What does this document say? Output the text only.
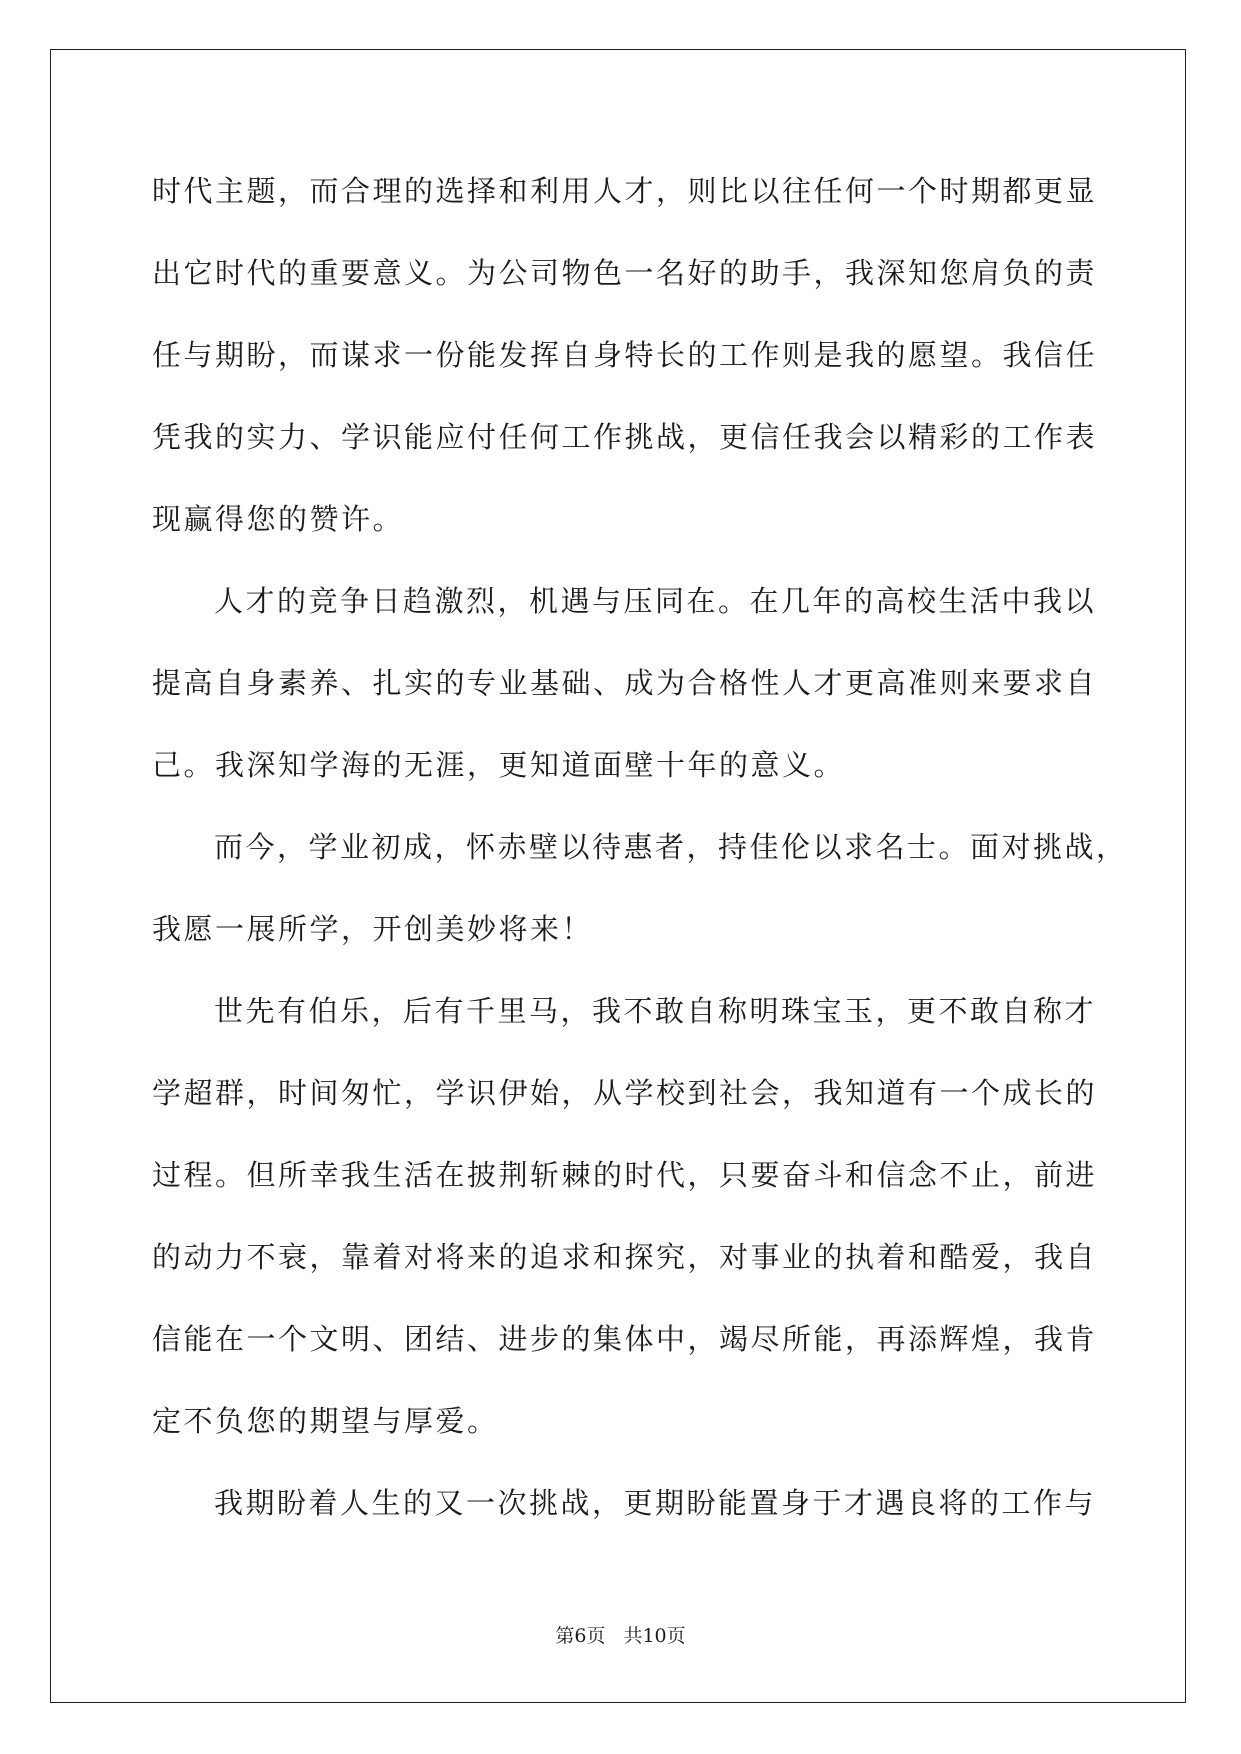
时代主题，而合理的选择和利用人才，则比以往任何一个时期都更显
出它时代的重要意义。为公司物色一名好的助手，我深知您肩负的责
任与期盼，而谋求一份能发挥自身特长的工作则是我的愿望。我信任
凭我的实力、学识能应付任何工作挑战，更信任我会以精彩的工作表
现赢得您的赞许。
人才的竞争日趋激烈，机遇与压同在。在几年的高校生活中我以
提高自身素养、扎实的专业基础、成为合格性人才更高准则来要求自
己。我深知学海的无涯，更知道面壁十年的意义。
而今，学业初成，怀赤壁以待惠者，持佳伦以求名士。面对挑战，
我愿一展所学，开创美妙将来！
世先有伯乐，后有千里马，我不敢自称明珠宝玉，更不敢自称才
学超群，时间匆忙，学识伊始，从学校到社会，我知道有一个成长的
过程。但所幸我生活在披荆斩棘的时代，只要奋斗和信念不止，前进
的动力不衰，靠着对将来的追求和探究，对事业的执着和酷爱，我自
信能在一个文明、团结、进步的集体中，竭尽所能，再添辉煌，我肯
定不负您的期望与厚爱。
我期盼着人生的又一次挑战，更期盼能置身于才遇良将的工作与
第6页 共10页
